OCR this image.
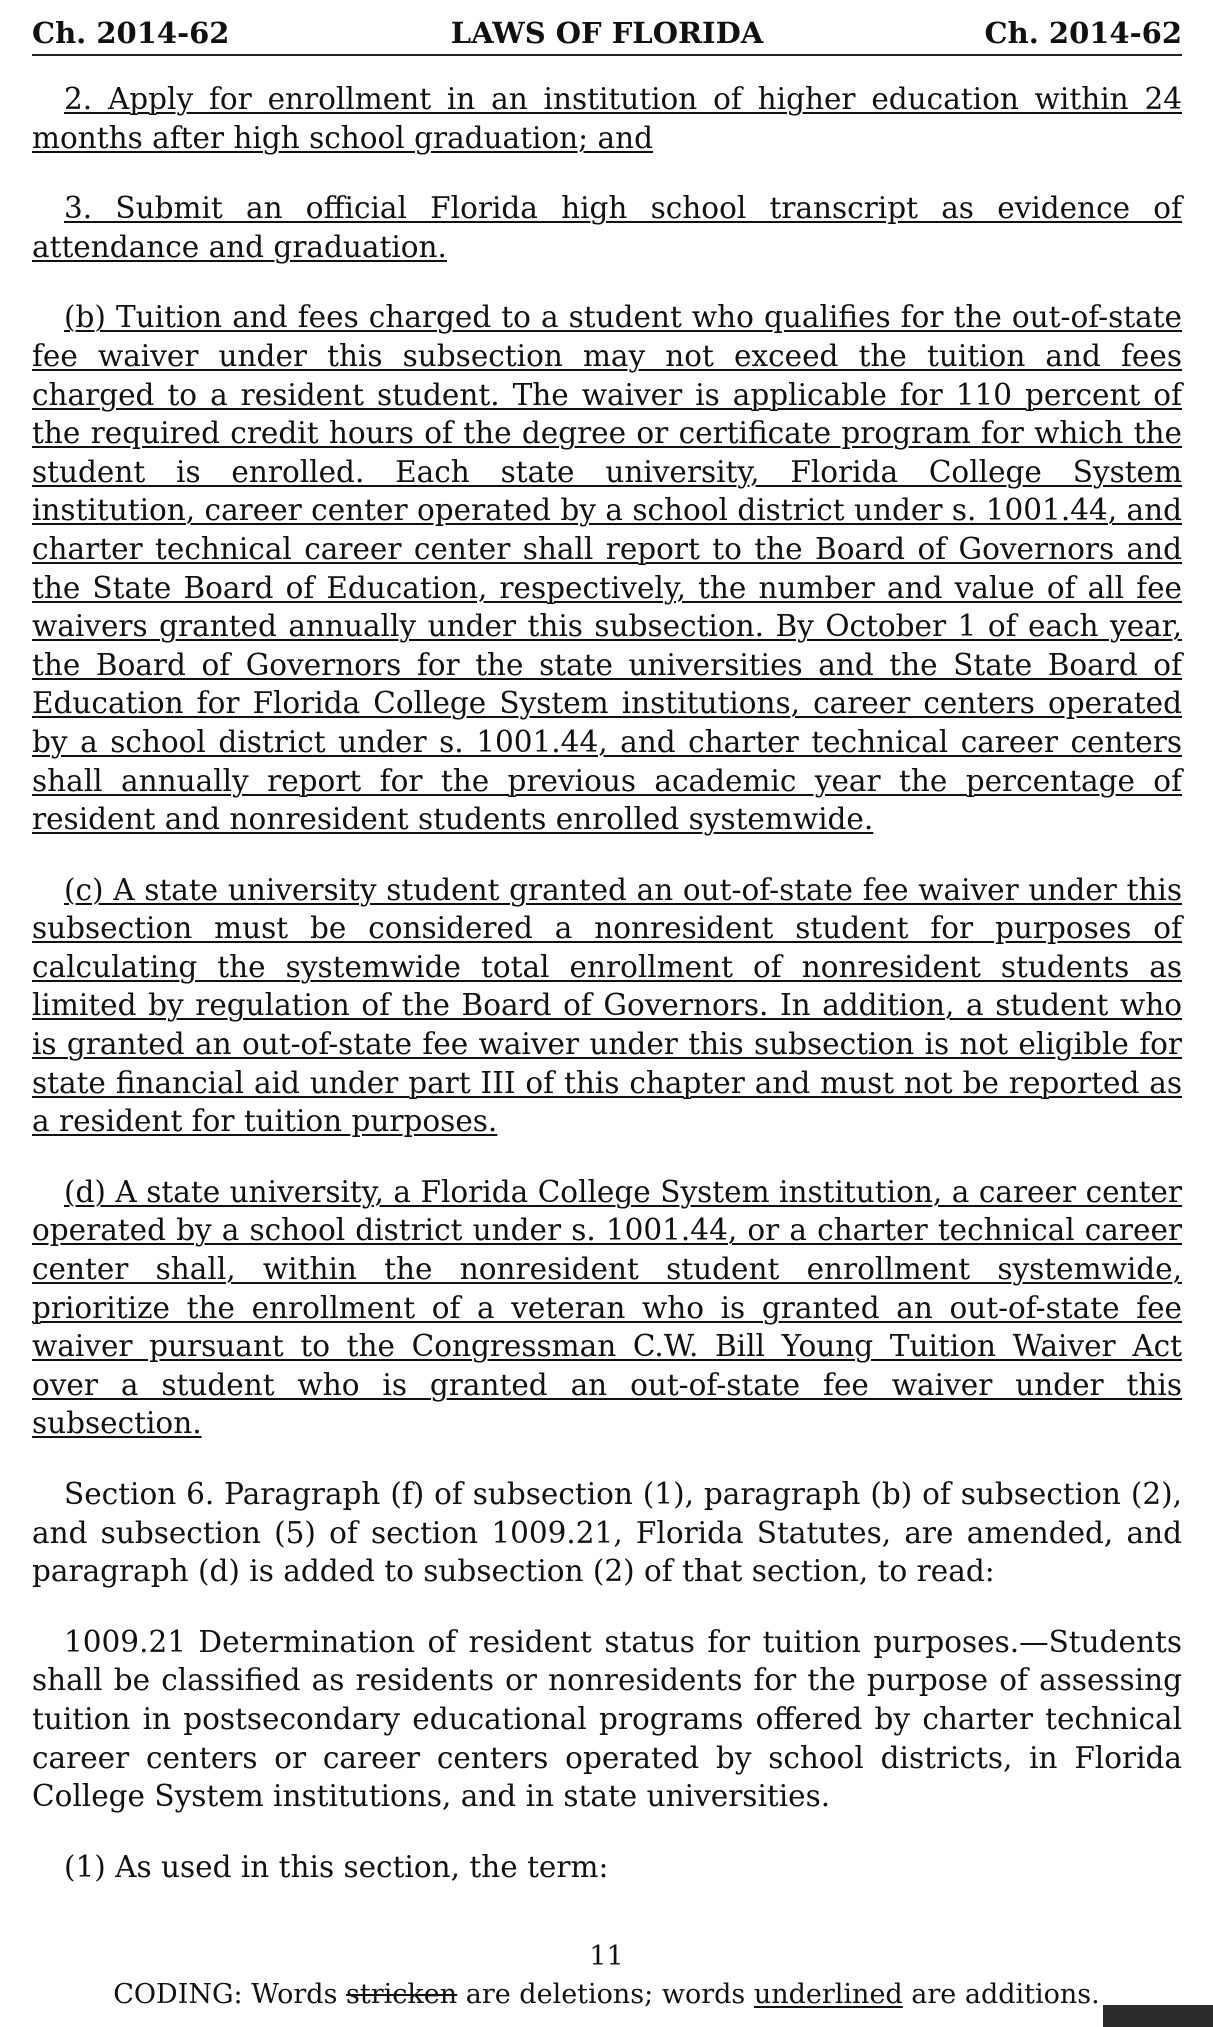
Ch. 2014-62	LAWS OF FLORIDA	Ch. 2014-62

2. Apply for enrollment in an institution of higher education within 24 months after high school graduation; and

3. Submit an official Florida high school transcript as evidence of attendance and graduation.

(b) Tuition and fees charged to a student who qualifies for the out-of-state fee waiver under this subsection may not exceed the tuition and fees charged to a resident student. The waiver is applicable for 110 percent of the required credit hours of the degree or certificate program for which the student is enrolled. Each state university, Florida College System institution, career center operated by a school district under s. 1001.44, and charter technical career center shall report to the Board of Governors and the State Board of Education, respectively, the number and value of all fee waivers granted annually under this subsection. By October 1 of each year, the Board of Governors for the state universities and the State Board of Education for Florida College System institutions, career centers operated by a school district under s. 1001.44, and charter technical career centers shall annually report for the previous academic year the percentage of resident and nonresident students enrolled systemwide.

(c) A state university student granted an out-of-state fee waiver under this subsection must be considered a nonresident student for purposes of calculating the systemwide total enrollment of nonresident students as limited by regulation of the Board of Governors. In addition, a student who is granted an out-of-state fee waiver under this subsection is not eligible for state financial aid under part III of this chapter and must not be reported as a resident for tuition purposes.

(d) A state university, a Florida College System institution, a career center operated by a school district under s. 1001.44, or a charter technical career center shall, within the nonresident student enrollment systemwide, prioritize the enrollment of a veteran who is granted an out-of-state fee waiver pursuant to the Congressman C.W. Bill Young Tuition Waiver Act over a student who is granted an out-of-state fee waiver under this subsection.

Section 6. Paragraph (f) of subsection (1), paragraph (b) of subsection (2), and subsection (5) of section 1009.21, Florida Statutes, are amended, and paragraph (d) is added to subsection (2) of that section, to read:

1009.21 Determination of resident status for tuition purposes.—Students shall be classified as residents or nonresidents for the purpose of assessing tuition in postsecondary educational programs offered by charter technical career centers or career centers operated by school districts, in Florida College System institutions, and in state universities.

(1) As used in this section, the term:

11
CODING: Words stricken are deletions; words underlined are additions.
